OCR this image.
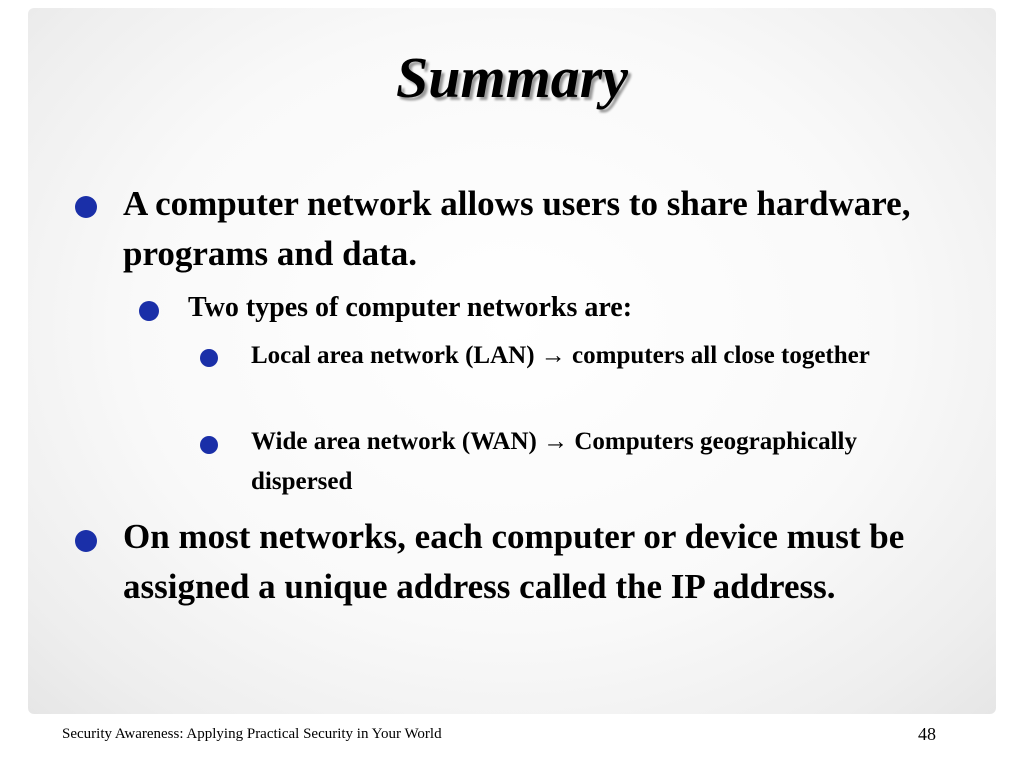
Summary
A computer network allows users to share hardware, programs and data.
Two types of computer networks are:
Local area network (LAN) → computers all close together
Wide area network (WAN) → Computers geographically dispersed
On most networks, each computer or device must be assigned a unique address called the IP address.
Security Awareness: Applying Practical Security in Your World	48
